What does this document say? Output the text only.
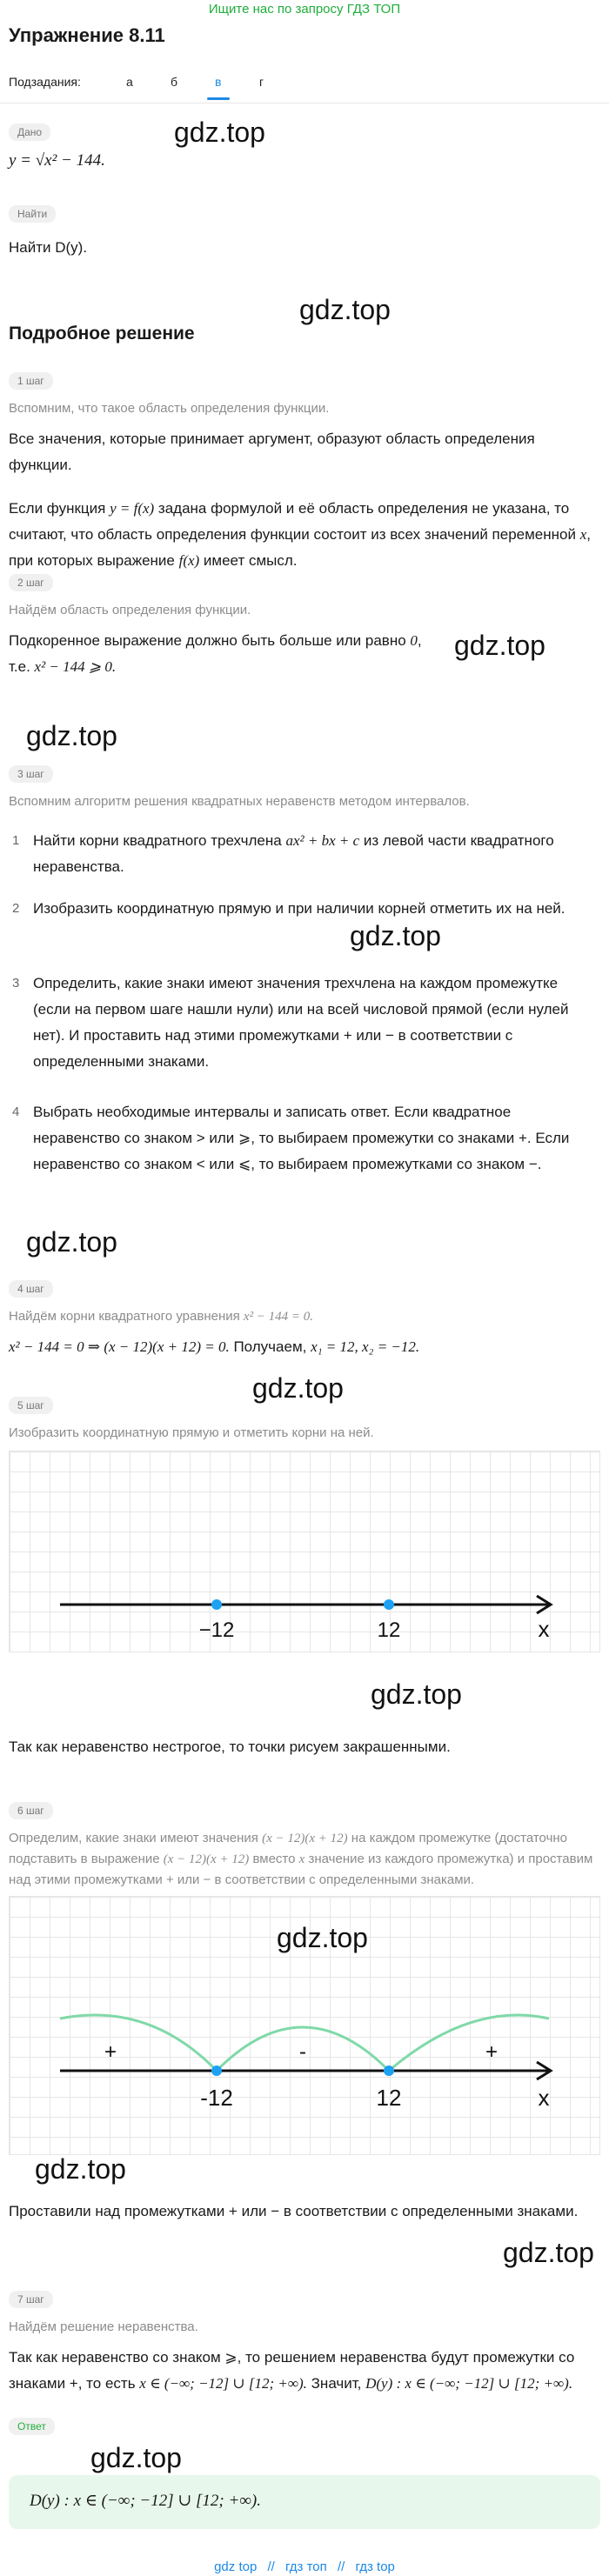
Ищите нас по запросу ГДЗ ТОП
Упражнение 8.11
Подзадания:	а	б	в	г
Дано
y = √x² − 144.
gdz.top
Найти
Найти D(y).
gdz.top
Подробное решение
1 шаг
Вспомним, что такое область определения функции.
Все значения, которые принимает аргумент, образуют область определения функции.
Если функция y = f(x) задана формулой и её область определения не указана, то считают, что область определения функции состоит из всех значений переменной x, при которых выражение f(x) имеет смысл.
gdz.top
2 шаг
Найдём область определения функции.
Подкоренное выражение должно быть больше или равно 0, т.е. x² − 144 ⩾ 0.
gdz.top
3 шаг
Вспомним алгоритм решения квадратных неравенств методом интервалов.
1 Найти корни квадратного трехчлена ax² + bx + c из левой части квадратного неравенства.
2 Изобразить координатную прямую и при наличии корней отметить их на ней.
3 Определить, какие знаки имеют значения трехчлена на каждом промежутке (если на первом шаге нашли нули) или на всей числовой прямой (если нулей нет). И проставить над этими промежутками + или − в соответствии с определенными знаками.
4 Выбрать необходимые интервалы и записать ответ. Если квадратное неравенство со знаком > или ⩾, то выбираем промежутки со знаками +. Если неравенство со знаком < или ⩽, то выбираем промежутками со знаком −.
gdz.top
gdz.top
4 шаг
Найдём корни квадратного уравнения x² − 144 = 0.
x² − 144 = 0 ⇒ (x − 12)(x + 12) = 0. Получаем, x₁ = 12, x₂ = −12.
gdz.top
5 шаг
Изобразить координатную прямую и отметить корни на ней.
−12	12	x
gdz.top
Так как неравенство нестрогое, то точки рисуем закрашенными.
6 шаг
Определим, какие знаки имеют значения (x − 12)(x + 12) на каждом промежутке (достаточно подставить в выражение (x − 12)(x + 12) вместо x значение из каждого промежутка) и проставим над этими промежутками + или − в соответствии с определенными знаками.
+	-	+
-12	12	x
gdz.top
gdz.top
Проставили над промежутками + или − в соответствии с определенными знаками.
gdz.top
7 шаг
Найдём решение неравенства.
Так как неравенство со знаком ⩾, то решением неравенства будут промежутки со знаками +, то есть x ∈ (−∞; −12] ∪ [12; +∞). Значит, D(y) : x ∈ (−∞; −12] ∪ [12; +∞).
Ответ
gdz.top
D(y) : x ∈ (−∞; −12] ∪ [12; +∞).
gdz top // гдз топ // гдз top
